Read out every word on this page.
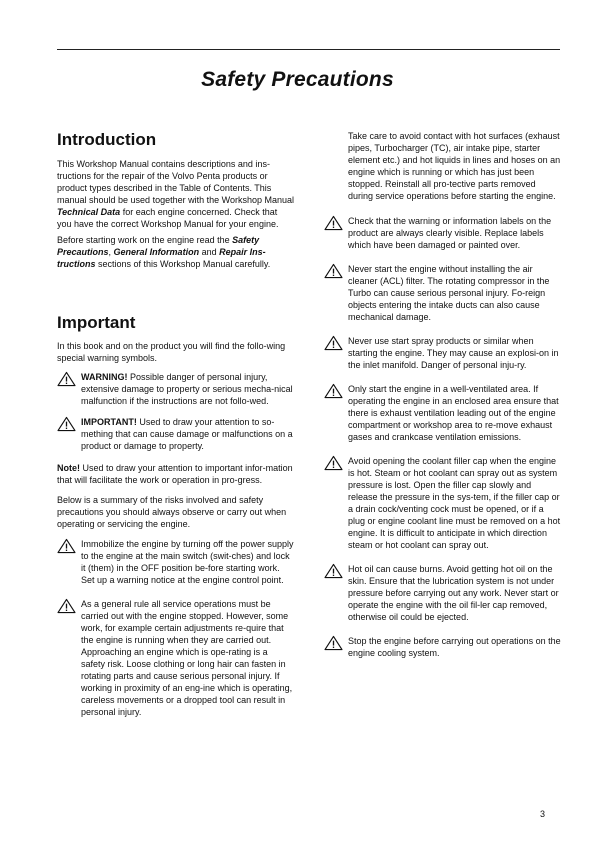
Safety Precautions
Introduction

This Workshop Manual contains descriptions and ins-tructions for the repair of the Volvo Penta products or product types described in the Table of Contents. This manual should be used together with the Workshop Manual Technical Data for each engine concerned. Check that you have the correct Workshop Manual for your engine.

Before starting work on the engine read the Safety Precautions, General Information and Repair Ins-tructions sections of this Workshop Manual carefully.

Important

In this book and on the product you will find the follo-wing special warning symbols.

WARNING! Possible danger of personal injury, extensive damage to property or serious mecha-nical malfunction if the instructions are not follo-wed.
IMPORTANT! Used to draw your attention to so-mething that can cause damage or malfunctions on a product or damage to property.

Note! Used to draw your attention to important infor-mation that will facilitate the work or operation in pro-gress.

Below is a summary of the risks involved and safety precautions you should always observe or carry out when operating or servicing the engine.

Immobilize the engine by turning off the power supply to the engine at the main switch (swit-ches) and lock it (them) in the OFF position be-fore starting work. Set up a warning notice at the engine control point.
As a general rule all service operations must be carried out with the engine stopped. However, some work, for example certain adjustments re-quire that the engine is running when they are carried out. Approaching an engine which is ope-rating is a safety risk. Loose clothing or long hair can fasten in rotating parts and cause serious personal injury. If working in proximity of an eng-ine which is operating, careless movements or a dropped tool can result in personal injury.

Take care to avoid contact with hot surfaces (exhaust pipes, Turbocharger (TC), air intake pipe, starter element etc.) and hot liquids in lines and hoses on an engine which is running or which has just been stopped. Reinstall all pro-tective parts removed during service operations before starting the engine.

Check that the warning or information labels on the product are always clearly visible. Replace labels which have been damaged or painted over.
Never start the engine without installing the air cleaner (ACL) filter. The rotating compressor in the Turbo can cause serious personal injury. Fo-reign objects entering the intake ducts can also cause mechanical damage.
Never use start spray products or similar when starting the engine. They may cause an explosi-on in the inlet manifold. Danger of personal inju-ry.
Only start the engine in a well-ventilated area. If operating the engine in an enclosed area ensure that there is exhaust ventilation leading out of the engine compartment or workshop area to re-move exhaust gases and crankcase ventilation emissions.
Avoid opening the coolant filler cap when the engine is hot. Steam or hot coolant can spray out as system pressure is lost. Open the filler cap slowly and release the pressure in the sys-tem, if the filler cap or a drain cock/venting cock must be opened, or if a plug or engine coolant line must be removed on a hot engine. It is difficult to anticipate in which direction steam or hot coolant can spray out.
Hot oil can cause burns. Avoid getting hot oil on the skin. Ensure that the lubrication system is not under pressure before carrying out any work. Never start or operate the engine with the oil fil-ler cap removed, otherwise oil could be ejected.
Stop the engine before carrying out operations on the engine cooling system.
3
